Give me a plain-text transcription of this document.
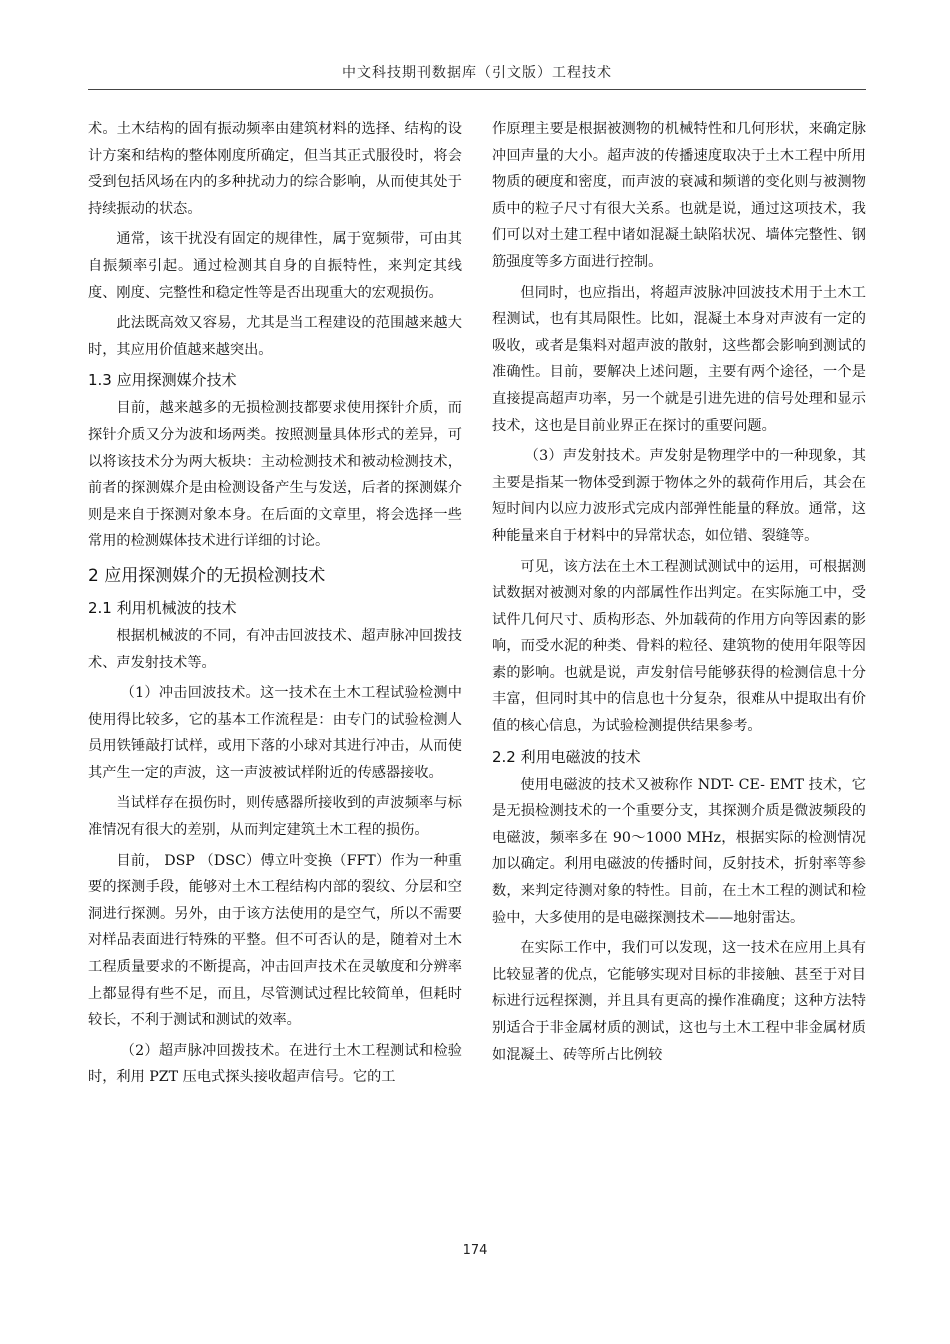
中文科技期刊数据库（引文版）工程技术

术。土木结构的固有振动频率由建筑材料的选择、结构的设计方案和结构的整体刚度所确定，但当其正式服役时，将会受到包括风场在内的多种扰动力的综合影响，从而使其处于持续振动的状态。

通常，该干扰没有固定的规律性，属于宽频带，可由其自振频率引起。通过检测其自身的自振特性，来判定其线度、刚度、完整性和稳定性等是否出现重大的宏观损伤。

此法既高效又容易，尤其是当工程建设的范围越来越大时，其应用价值越来越突出。

1.3 应用探测媒介技术

目前，越来越多的无损检测技都要求使用探针介质，而探针介质又分为波和场两类。按照测量具体形式的差异，可以将该技术分为两大板块：主动检测技术和被动检测技术，前者的探测媒介是由检测设备产生与发送，后者的探测媒介则是来自于探测对象本身。在后面的文章里，将会选择一些常用的检测媒体技术进行详细的讨论。

2 应用探测媒介的无损检测技术
2.1 利用机械波的技术

根据机械波的不同，有冲击回波技术、超声脉冲回拨技术、声发射技术等。

（1）冲击回波技术。这一技术在土木工程试验检测中使用得比较多，它的基本工作流程是：由专门的试验检测人员用铁锤敲打试样，或用下落的小球对其进行冲击，从而使其产生一定的声波，这一声波被试样附近的传感器接收。

当试样存在损伤时，则传感器所接收到的声波频率与标准情况有很大的差别，从而判定建筑土木工程的损伤。

目前， DSP （DSC）傅立叶变换（FFT）作为一种重要的探测手段，能够对土木工程结构内部的裂纹、分层和空洞进行探测。另外，由于该方法使用的是空气，所以不需要对样品表面进行特殊的平整。但不可否认的是，随着对土木工程质量要求的不断提高，冲击回声技术在灵敏度和分辨率上都显得有些不足，而且，尽管测试过程比较简单，但耗时较长，不利于测试和测试的效率。

（2）超声脉冲回拨技术。在进行土木工程测试和检验时，利用 PZT 压电式探头接收超声信号。它的工

作原理主要是根据被测物的机械特性和几何形状，来确定脉冲回声量的大小。超声波的传播速度取决于土木工程中所用物质的硬度和密度，而声波的衰减和频谱的变化则与被测物质中的粒子尺寸有很大关系。也就是说，通过这项技术，我们可以对土建工程中诸如混凝土缺陷状况、墙体完整性、钢筋强度等多方面进行控制。

但同时，也应指出，将超声波脉冲回波技术用于土木工程测试，也有其局限性。比如，混凝土本身对声波有一定的吸收，或者是集料对超声波的散射，这些都会影响到测试的准确性。目前，要解决上述问题，主要有两个途径，一个是直接提高超声功率，另一个就是引进先进的信号处理和显示技术，这也是目前业界正在探讨的重要问题。

（3）声发射技术。声发射是物理学中的一种现象，其主要是指某一物体受到源于物体之外的载荷作用后，其会在短时间内以应力波形式完成内部弹性能量的释放。通常，这种能量来自于材料中的异常状态，如位错、裂缝等。

可见，该方法在土木工程测试测试中的运用，可根据测试数据对被测对象的内部属性作出判定。在实际施工中，受试件几何尺寸、质构形态、外加载荷的作用方向等因素的影响，而受水泥的种类、骨料的粒径、建筑物的使用年限等因素的影响。也就是说，声发射信号能够获得的检测信息十分丰富，但同时其中的信息也十分复杂，很难从中提取出有价值的核心信息，为试验检测提供结果参考。

2.2 利用电磁波的技术

使用电磁波的技术又被称作 NDT- CE- EMT 技术，它是无损检测技术的一个重要分支，其探测介质是微波频段的电磁波，频率多在 90～1000 MHz，根据实际的检测情况加以确定。利用电磁波的传播时间，反射技术，折射率等参数，来判定待测对象的特性。目前，在土木工程的测试和检验中，大多使用的是电磁探测技术——地射雷达。

在实际工作中，我们可以发现，这一技术在应用上具有比较显著的优点，它能够实现对目标的非接触、甚至于对目标进行远程探测，并且具有更高的操作准确度；这种方法特别适合于非金属材质的测试，这也与土木工程中非金属材质如混凝土、砖等所占比例较

174
